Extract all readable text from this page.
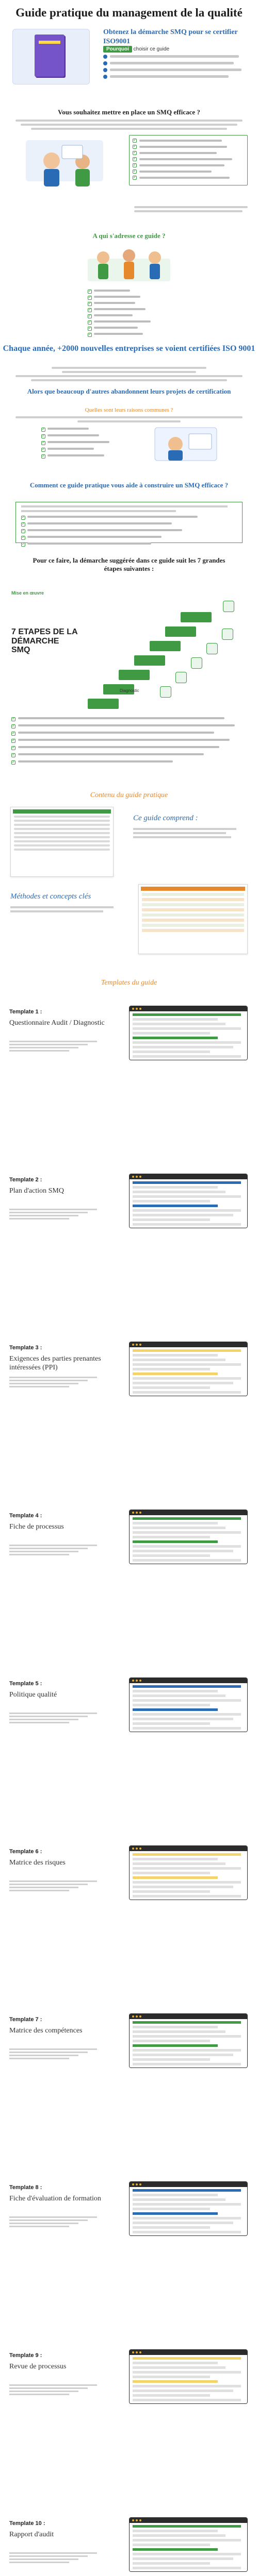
Guide pratique du management de la qualité
Obtenez la démarche SMQ pour se certifier ISO9001
Pourquoi choisir ce guide
Vous souhaitez mettre en place un SMQ efficace ?
✓
✓
✓
✓
✓
✓
✓
A qui s'adresse ce guide ?
✓
✓
✓
✓
✓
✓
✓
✓
Chaque année, +2000 nouvelles entreprises se voient certifiées ISO 9001
Alors que beaucoup d'autres abandonnent leurs projets de certification
Quelles sont leurs raisons communes ?
✓
✓
✓
✓
✓
Comment ce guide pratique vous aide à construire un SMQ efficace ?
✓
✓
✓
✓
✓
Pour ce faire, la démarche suggérée dans ce guide suit les 7 grandes étapes suivantes :
Mise en œuvre
7 ETAPES DE LA DÉMARCHE SMQ
Diagnostic
✓
✓
✓
✓
✓
✓
✓
Contenu du guide pratique
Ce guide comprend :
Méthodes et concepts clés
Templates du guide
Template 1 :
Questionnaire Audit / Diagnostic
Template 2 :
Plan d'action SMQ
Template 3 :
Exigences des parties prenantes intéressées (PPI)
Template 4 :
Fiche de processus
Template 5 :
Politique qualité
Template 6 :
Matrice des risques
Template 7 :
Matrice des compétences
Template 8 :
Fiche d'évaluation de formation
Template 9 :
Revue de processus
Template 10 :
Rapport d'audit
